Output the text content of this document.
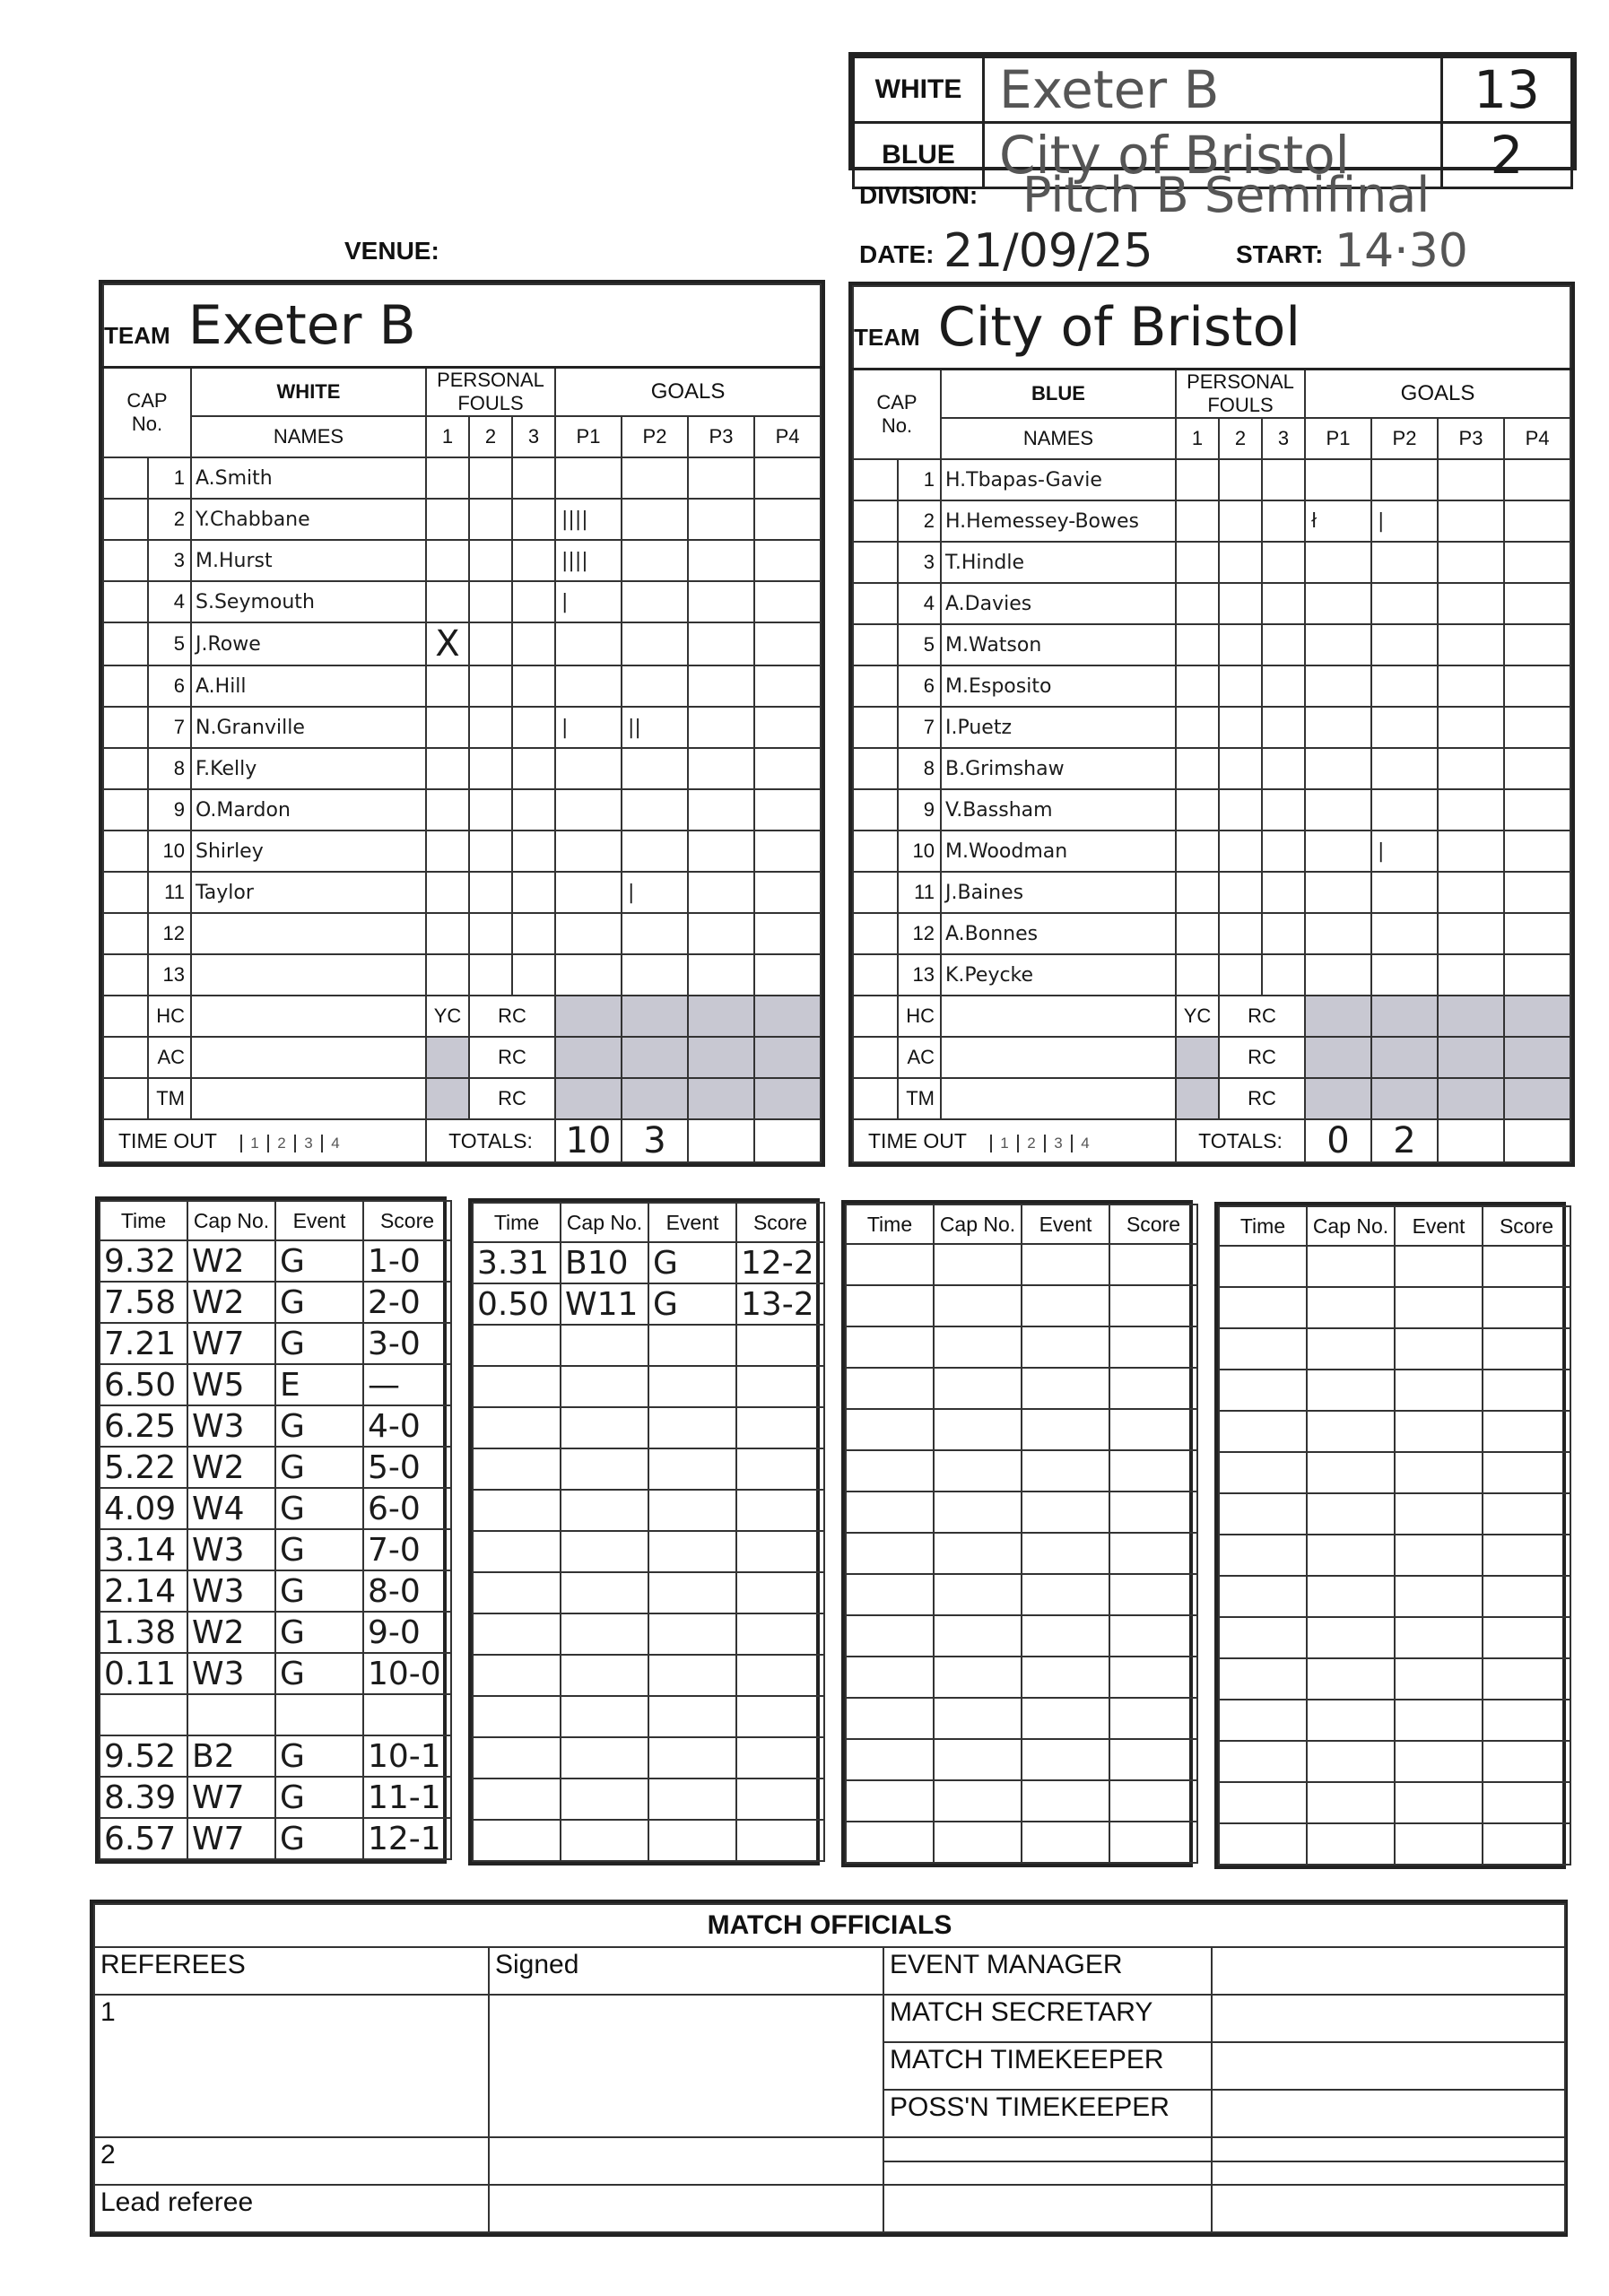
WHITE	Exeter B	13
BLUE	City of Bristol	2
DIVISION: Pitch B Semifinal
VENUE:	DATE: 21/09/25	START: 14·30
TEAM Exeter B									

CAP
No.		WHITE	PERSONAL FOULS			GOALS			
		NAMES	1	2	3	P1	P2	P3	P4
	1	A.Smith							
	2	Y.Chabbane				||||			
	3	M.Hurst				||||			
	4	S.Seymouth				|			
	5	J.Rowe	X						
	6	A.Hill							
	7	N.Granville				|	||		
	8	F.Kelly							
	9	O.Mardon							
	10	Shirley							
	11	Taylor					|		
	12								
	13								
	HC		YC	RC					
	AC			RC					
	TM			RC					
TIME OUT 1 2 3 4			TOTALS:			10	3		
TEAM City of Bristol									

CAP
No.		BLUE	PERSONAL FOULS			GOALS			
		NAMES	1	2	3	P1	P2	P3	P4
	1	H.Tbapas-Gavie							
	2	H.Hemessey-Bowes				ł	|		
	3	T.Hindle							
	4	A.Davies							
	5	M.Watson							
	6	M.Esposito							
	7	I.Puetz							
	8	B.Grimshaw							
	9	V.Bassham							
	10	M.Woodman					|		
	11	J.Baines							
	12	A.Bonnes							
	13	K.Peycke							
	HC		YC	RC					
	AC			RC					
	TM			RC					
TIME OUT 1 2 3 4			TOTALS:			0	2		
Time	Cap No.	Event	Score
9.32	W2	G	1-0
7.58	W2	G	2-0
7.21	W7	G	3-0
6.50	W5	E	—
6.25	W3	G	4-0
5.22	W2	G	5-0
4.09	W4	G	6-0
3.14	W3	G	7-0
2.14	W3	G	8-0
1.38	W2	G	9-0
0.11	W3	G	10-0

9.52	B2	G	10-1
8.39	W7	G	11-1
6.57	W7	G	12-1
Time	Cap No.	Event	Score
3.31	B10	G	12-2
0.50	W11	G	13-2

Time	Cap No.	Event	Score

				Time	Cap No.	Event	Score

MATCH OFFICIALS			
REFEREES	Signed	EVENT MANAGER	
1		MATCH SECRETARY	
		MATCH TIMEKEEPER	
		POSS'N TIMEKEEPER	
2			

Lead referee			
